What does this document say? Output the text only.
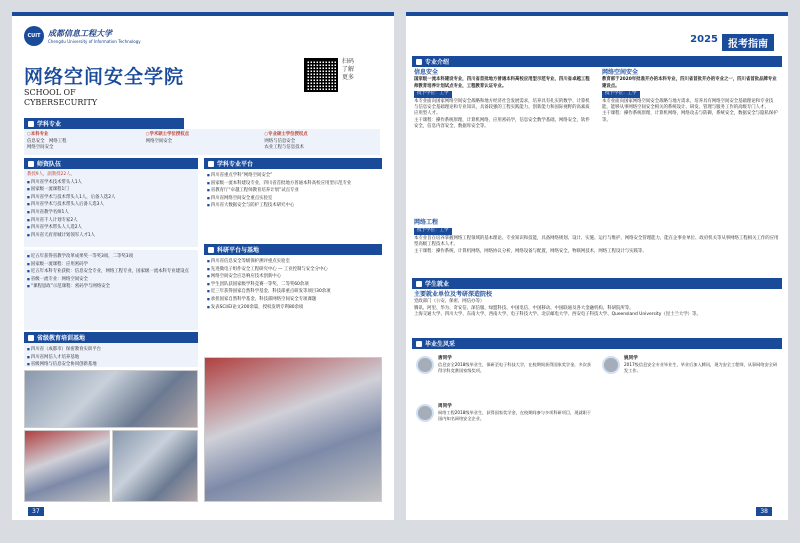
CUIT 成都信息工程大学
Chengdu University of Information Technology
网络空间安全学院
SCHOOL OF
CYBERSECURITY
扫码了解更多
学科专业
○本科专业
信息安全　网络工程
网络空间安全
○学术硕士学位授权点
网络空间安全
○专业硕士学位授权点
网络与信息安全
农业工程与信息技术
师资队伍
教授9人，副教授22人。
■ 四川省学术技术带头人1人
■ 国家级一流课程1门
■ 四川省学术与技术带头人1人，后备人选2人
■ 四川省学术与技术带头人后备人选3人
■ 四川省教学名师1人
■ 四川省千人计划专家2人
■ 四川省学术带头人人选2人
■ 四川省天府青城计划领军人才1人
■ 近五年获得省教学改革成果奖一等奖3项，二等奖3项
■ 国家级一流课程：应用密码学
■ 近五年本科专业获批：信息安全专业，网络工程专业，国家级一流本科专业建设点
■ 省级一流专业：网络空间安全
■ “课程思政”示范课程：密码学与网络安全
省级教育培训基地
■ 四川省（成都市）保密教育实训平台
■ 四川省网信人才培养基地
■ 省级网络与信息安全协同创新基地
学科专业平台
■ 四川省重点学科“网络空间安全”
■ 国家级一流本科建设专业，四川省首批地方普通本科高校应用型示范专业
■ 省教育厅“卓越工程师教育培养计划”试点专业
■ 四川省网络空间安全重点实验室
■ 四川省大数据安全与防护工程技术研究中心
科研平台与基地
■ 四川省信息安全等级保护测评重点实验室
■ 先进微电子组件安全工程研究中心 — 工业控制与安全分中心
■ 网络空间安全应急响应技术创新中心
■ 学生团队获国家级学科竞赛一等奖、二等奖60余项
■ 近三年获得国家自然科学基金、科技部重点研发等项目30余项
■ 承担国家自然科学基金、科技部网络空间安全专项课题
■ 发表SCI/EI论文200余篇，授权发明专利80余项
37
2025	报考指南
专业介绍
信息安全
国家级一流本科建设专业，四川省首批地方普通本科高校应用型示范专业，四川省卓越工程师教育培养计划试点专业，工程教育认证专业。
授予学位：工学
本专业面向国家网络空间安全战略和地方经济社会发展需求，培养具有扎实的数学、计算机与信息安全基础理论和专业知识，具备较强的工程实践能力、创新能力和国际视野的高素质应用型人才。
主干课程：操作系统原理，计算机网络，应用密码学，信息安全数学基础，网络安全，软件安全，信息内容安全，数据库安全等。
网络空间安全
教育部于2020年批准开办的本科专业，四川省首批开办的专业之一，四川省首批品牌专业建设点。
授予学位：工学
本专业面向国家网络空间安全战略与地方需求，培养具有网络空间安全基础理论和专业技能，能够从事网络空间安全相关的系统设计、研发、管理与服务工作的高级专门人才。
主干课程：操作系统原理，计算机网络，网络攻击与防御，系统安全，数据安全与隐私保护等。
网络工程
授予学位：工学
本专业旨在培养掌握网络工程领域的基本理论、专业知识和技能，具备网络规划、设计、实施、运行与维护、网络安全管理能力，能在企事业单位、政府机关等从事网络工程相关工作的应用型高级工程技术人才。
主干课程：操作系统，计算机网络，网络协议分析，网络设备与配置，网络安全，物联网技术，网络工程设计与实践等。
学生就业
主要就业单位及考研深造院校
党政部门（公安、保密、网信办等）
腾讯、阿里、华为、奇安信、深信服、绿盟科技、中国电信、中国移动、中国联通及各大金融机构、科研院所等。
上海交通大学、四川大学、东南大学、西南大学、电子科技大学、北京邮电大学、西安电子科技大学、Queensland University（昆士兰大学）等。
毕业生风采
唐同学
信息安全2018级毕业生，保研至电子科技大学，在校期间获得国家奖学金，多次获得学科竞赛国家级奖项。
姚同学
2017级信息安全专业毕业生，毕业后加入腾讯，现为安全工程师，从事网络安全研发工作。
周同学
网络工程2018级毕业生，获得国家奖学金，在校期间参与多项科研项目，现就职于国内知名网络安全企业。
38
